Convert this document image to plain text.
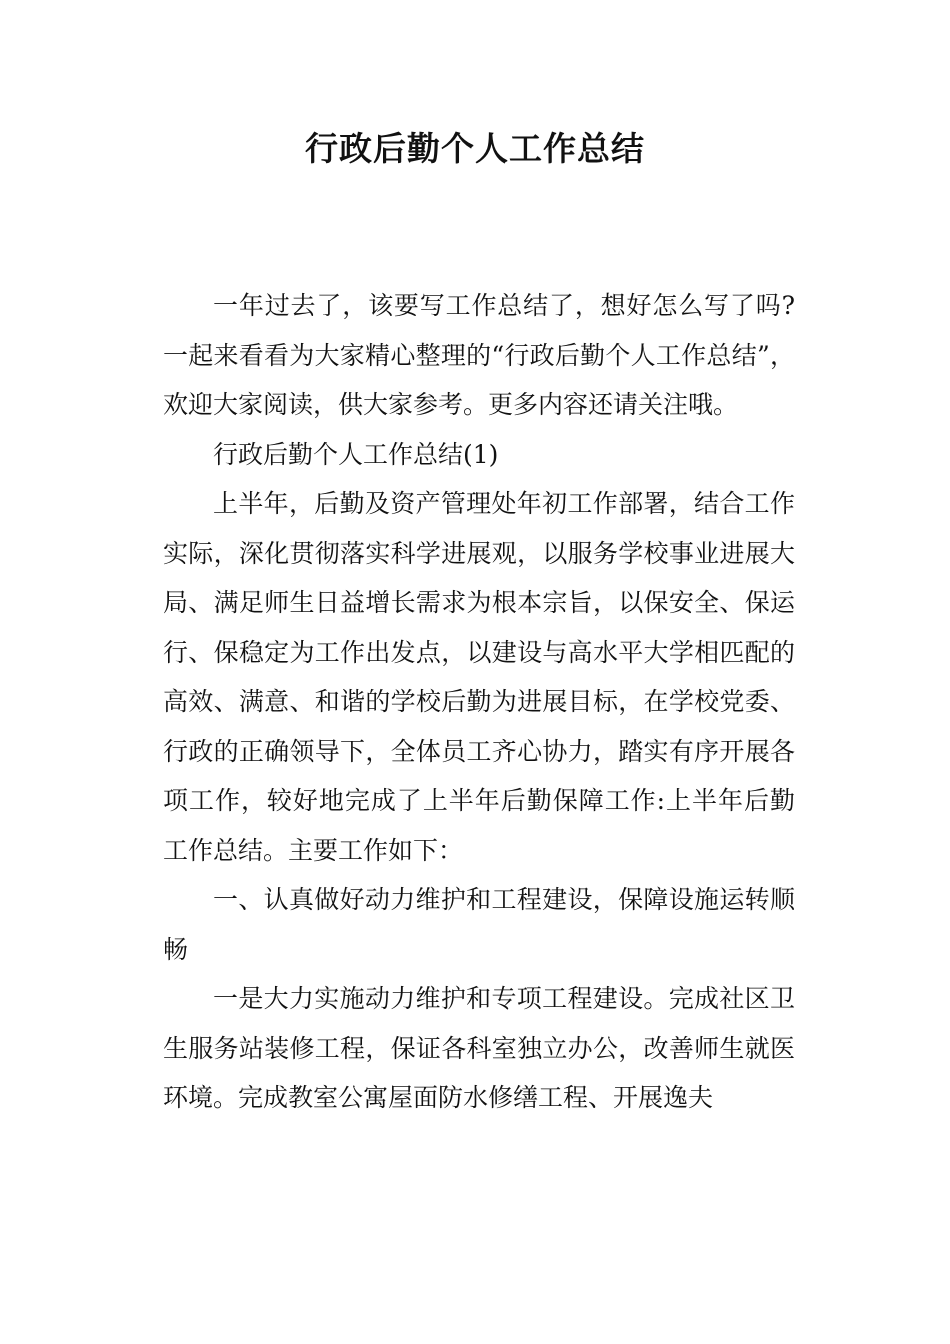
行政后勤个人工作总结

一年过去了，该要写工作总结了，想好怎么写了吗?一起来看看为大家精心整理的“行政后勤个人工作总结”，欢迎大家阅读，供大家参考。更多内容还请关注哦。

行政后勤个人工作总结(1)

上半年，后勤及资产管理处年初工作部署，结合工作实际，深化贯彻落实科学进展观，以服务学校事业进展大局、满足师生日益增长需求为根本宗旨，以保安全、保运行、保稳定为工作出发点，以建设与高水平大学相匹配的高效、满意、和谐的学校后勤为进展目标，在学校党委、行政的正确领导下，全体员工齐心协力，踏实有序开展各项工作，较好地完成了上半年后勤保障工作:上半年后勤工作总结。主要工作如下：

一、认真做好动力维护和工程建设，保障设施运转顺畅

一是大力实施动力维护和专项工程建设。完成社区卫生服务站装修工程，保证各科室独立办公，改善师生就医环境。完成教室公寓屋面防水修缮工程、开展逸夫
